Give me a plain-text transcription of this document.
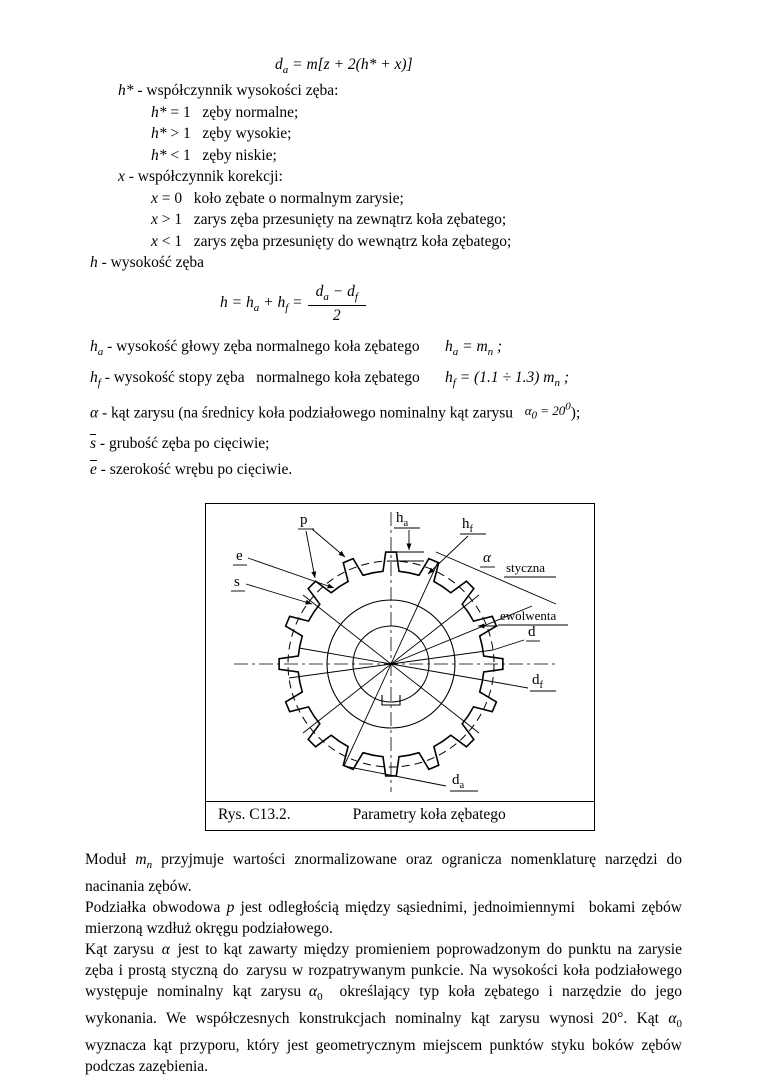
$d_a = m[z + 2(h* + x)]$
h* - współczynnik wysokości zęba:
h* = 1  zęby normalne;
h* > 1  zęby wysokie;
h* < 1  zęby niskie;
x - współczynnik korekcji:
x = 0  koło zębate o normalnym zarysie;
x > 1  zarys zęba przesunięty na zewnątrz koła zębatego;
x < 1  zarys zęba przesunięty do wewnątrz koła zębatego;
h - wysokość zęba
$h = h_a + h_f = \frac{d_a - d_f}{2}$
$h_a$ - wysokość głowy zęba normalnego koła zębatego $h_a = m_n$ ;
$h_f$ - wysokość stopy zęba  normalnego koła zębatego $h_f = (1.1 \div 1.3)$ $m_n$ ;
α - kąt zarysu (na średnicy koła podziałowego nominalny kąt zarysu  $\alpha_0 = 20^0$);
$\overline{s}$ - grubość zęba po cięciwie;
$\overline{e}$ - szerokość wrębu po cięciwie.
p	$h_a$	$h_f$
α
styczna
ewolwenta
e
s
d
$d_f$
$d_a$
Rys. C13.2.	Parametry koła zębatego

Moduł $m_n$ przyjmuje wartości znormalizowane oraz ogranicza nomenklaturę narzędzi do nacinania zębów.

Podziałka obwodowa p jest odległością między sąsiednimi, jednoimiennymi  bokami zębów mierzoną wzdłuż okręgu podziałowego.

Kąt zarysu α jest to kąt zawarty między promieniem poprowadzonym do punktu na zarysie zęba i prostą styczną do zarysu w rozpatrywanym punkcie. Na wysokości koła podziałowego występuje nominalny kąt zarysu $\alpha_0$  określający typ koła zębatego i narzędzie do jego wykonania. We współczesnych konstrukcjach nominalny kąt zarysu wynosi 20°. Kąt $\alpha_0$ wyznacza kąt przyporu, który jest geometrycznym miejscem punktów styku boków zębów podczas zazębienia.
